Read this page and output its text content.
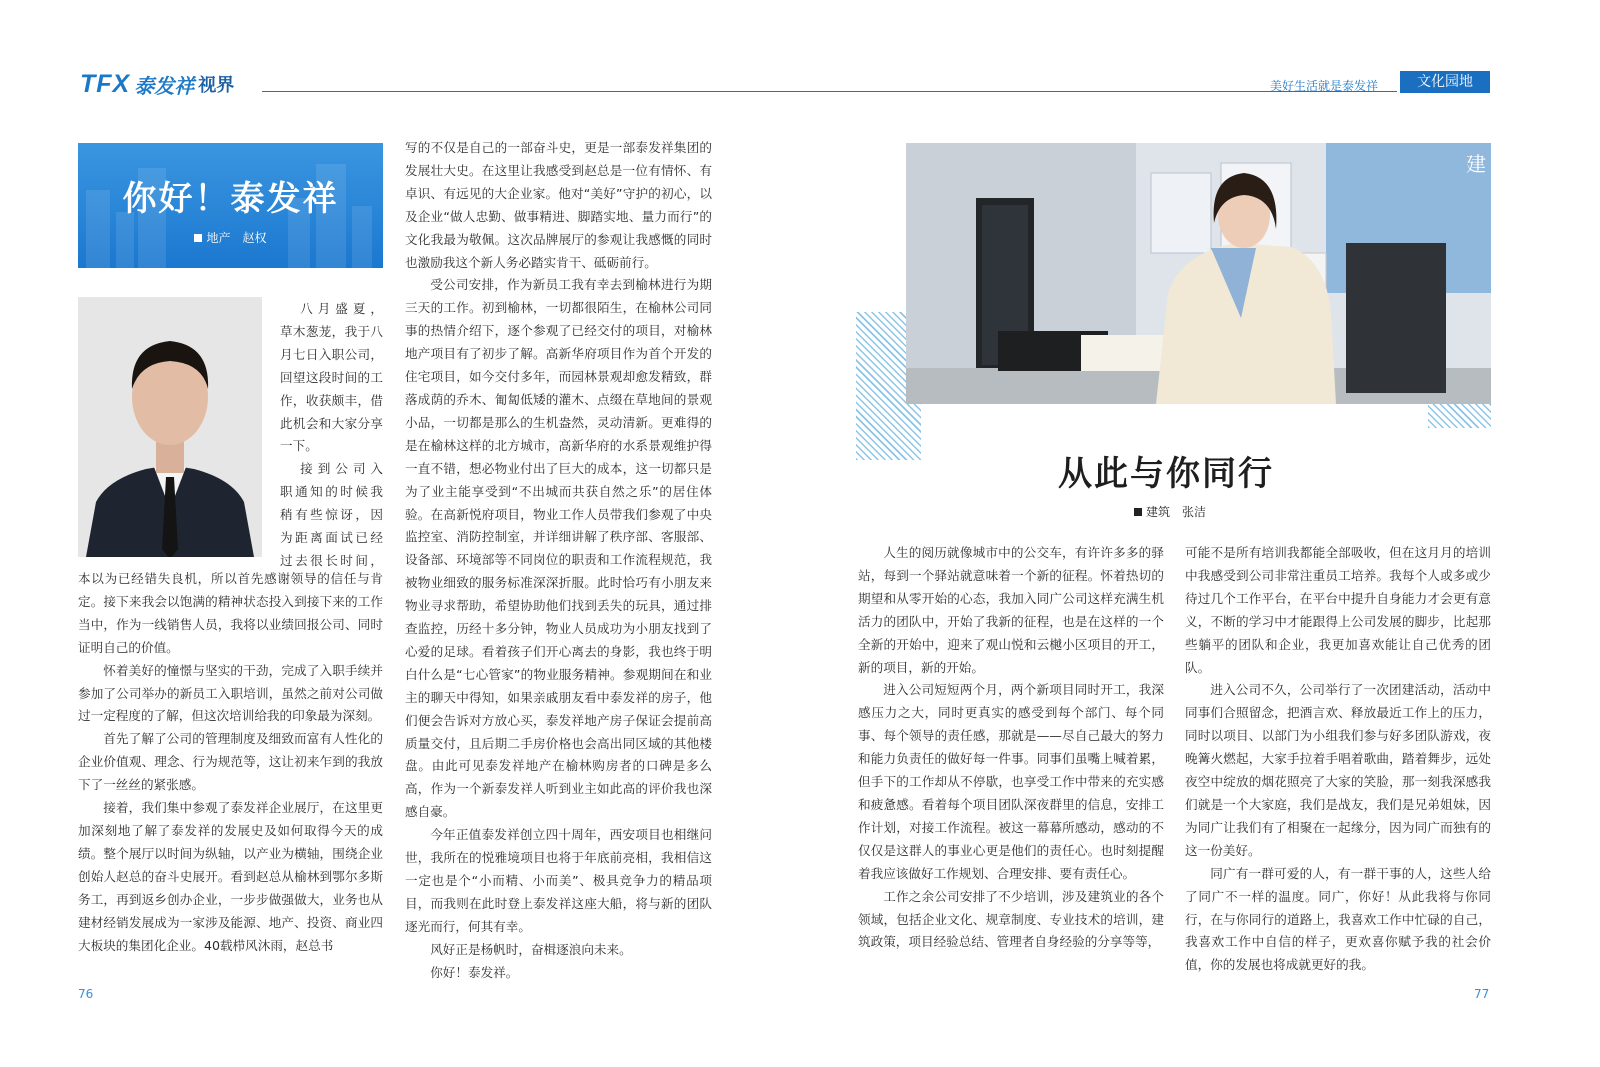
TFX 泰发祥 视界	美好生活就是泰发祥	文化园地
你好！泰发祥
地产　赵权
八月盛夏，
草木葱茏，我于八
月七日入职公司，
回望这段时间的工
作，收获颇丰，借
此机会和大家分享
一下。
接到公司入
职通知的时候我
稍有些惊讶，因
为距离面试已经
过去很长时间，

本以为已经错失良机，所以首先感谢领导的信任与肯定。接下来我会以饱满的精神状态投入到接下来的工作当中，作为一线销售人员，我将以业绩回报公司、同时证明自己的价值。

怀着美好的憧憬与坚实的干劲，完成了入职手续并参加了公司举办的新员工入职培训，虽然之前对公司做过一定程度的了解，但这次培训给我的印象最为深刻。

首先了解了公司的管理制度及细致而富有人性化的企业价值观、理念、行为规范等，这让初来乍到的我放下了一丝丝的紧张感。

接着，我们集中参观了泰发祥企业展厅，在这里更加深刻地了解了泰发祥的发展史及如何取得今天的成绩。整个展厅以时间为纵轴，以产业为横轴，围绕企业创始人赵总的奋斗史展开。看到赵总从榆林到鄂尔多斯务工，再到返乡创办企业，一步步做强做大，业务也从建材经销发展成为一家涉及能源、地产、投资、商业四大板块的集团化企业。40载栉风沐雨，赵总书

写的不仅是自己的一部奋斗史，更是一部泰发祥集团的发展壮大史。在这里让我感受到赵总是一位有情怀、有卓识、有远见的大企业家。他对“美好”守护的初心，以及企业“做人忠勤、做事精进、脚踏实地、量力而行”的文化我最为敬佩。这次品牌展厅的参观让我感慨的同时也激励我这个新人务必踏实肯干、砥砺前行。

受公司安排，作为新员工我有幸去到榆林进行为期三天的工作。初到榆林，一切都很陌生，在榆林公司同事的热情介绍下，逐个参观了已经交付的项目，对榆林地产项目有了初步了解。高新华府项目作为首个开发的住宅项目，如今交付多年，而园林景观却愈发精致，群落成荫的乔木、匍匐低矮的灌木、点缀在草地间的景观小品，一切都是那么的生机盎然，灵动清新。更难得的是在榆林这样的北方城市，高新华府的水系景观维护得一直不错，想必物业付出了巨大的成本，这一切都只是为了业主能享受到“不出城而共获自然之乐”的居住体验。在高新悦府项目，物业工作人员带我们参观了中央监控室、消防控制室，并详细讲解了秩序部、客服部、设备部、环境部等不同岗位的职责和工作流程规范，我被物业细致的服务标准深深折服。此时恰巧有小朋友来物业寻求帮助，希望协助他们找到丢失的玩具，通过排查监控，历经十多分钟，物业人员成功为小朋友找到了心爱的足球。看着孩子们开心离去的身影，我也终于明白什么是“七心管家”的物业服务精神。参观期间在和业主的聊天中得知，如果亲戚朋友看中泰发祥的房子，他们便会告诉对方放心买，泰发祥地产房子保证会提前高质量交付，且后期二手房价格也会高出同区域的其他楼盘。由此可见泰发祥地产在榆林购房者的口碑是多么高，作为一个新泰发祥人听到业主如此高的评价我也深感自豪。

今年正值泰发祥创立四十周年，西安项目也相继问世，我所在的悦雅境项目也将于年底前亮相，我相信这一定也是个“小而精、小而美”、极具竞争力的精品项目，而我则在此时登上泰发祥这座大船，将与新的团队逐光而行，何其有幸。

风好正是杨帆时，奋楫逐浪向未来。

你好！泰发祥。

76
建
从此与你同行
建筑　张洁

人生的阅历就像城市中的公交车，有许许多多的驿站，每到一个驿站就意味着一个新的征程。怀着热切的期望和从零开始的心态，我加入同广公司这样充满生机活力的团队中，开始了我新的征程，也是在这样的一个全新的开始中，迎来了观山悦和云樾小区项目的开工，新的项目，新的开始。

进入公司短短两个月，两个新项目同时开工，我深感压力之大，同时更真实的感受到每个部门、每个同事、每个领导的责任感，那就是——尽自己最大的努力和能力负责任的做好每一件事。同事们虽嘴上喊着累，但手下的工作却从不停歇，也享受工作中带来的充实感和疲惫感。看着每个项目团队深夜群里的信息，安排工作计划，对接工作流程。被这一幕幕所感动，感动的不仅仅是这群人的事业心更是他们的责任心。也时刻提醒着我应该做好工作规划、合理安排、要有责任心。

工作之余公司安排了不少培训，涉及建筑业的各个领域，包括企业文化、规章制度、专业技术的培训，建筑政策，项目经验总结、管理者自身经验的分享等等，

可能不是所有培训我都能全部吸收，但在这月月的培训中我感受到公司非常注重员工培养。我每个人或多或少待过几个工作平台，在平台中提升自身能力才会更有意义，不断的学习中才能跟得上公司发展的脚步，比起那些躺平的团队和企业，我更加喜欢能让自己优秀的团队。

进入公司不久，公司举行了一次团建活动，活动中同事们合照留念，把酒言欢、释放最近工作上的压力，同时以项目、以部门为小组我们参与好多团队游戏，夜晚篝火燃起，大家手拉着手唱着歌曲，踏着舞步，远处夜空中绽放的烟花照亮了大家的笑脸，那一刻我深感我们就是一个大家庭，我们是战友，我们是兄弟姐妹，因为同广让我们有了相聚在一起缘分，因为同广而独有的这一份美好。

同广有一群可爱的人，有一群干事的人，这些人给了同广不一样的温度。同广，你好！从此我将与你同行，在与你同行的道路上，我喜欢工作中忙碌的自己，我喜欢工作中自信的样子，更欢喜你赋予我的社会价值，你的发展也将成就更好的我。

77
